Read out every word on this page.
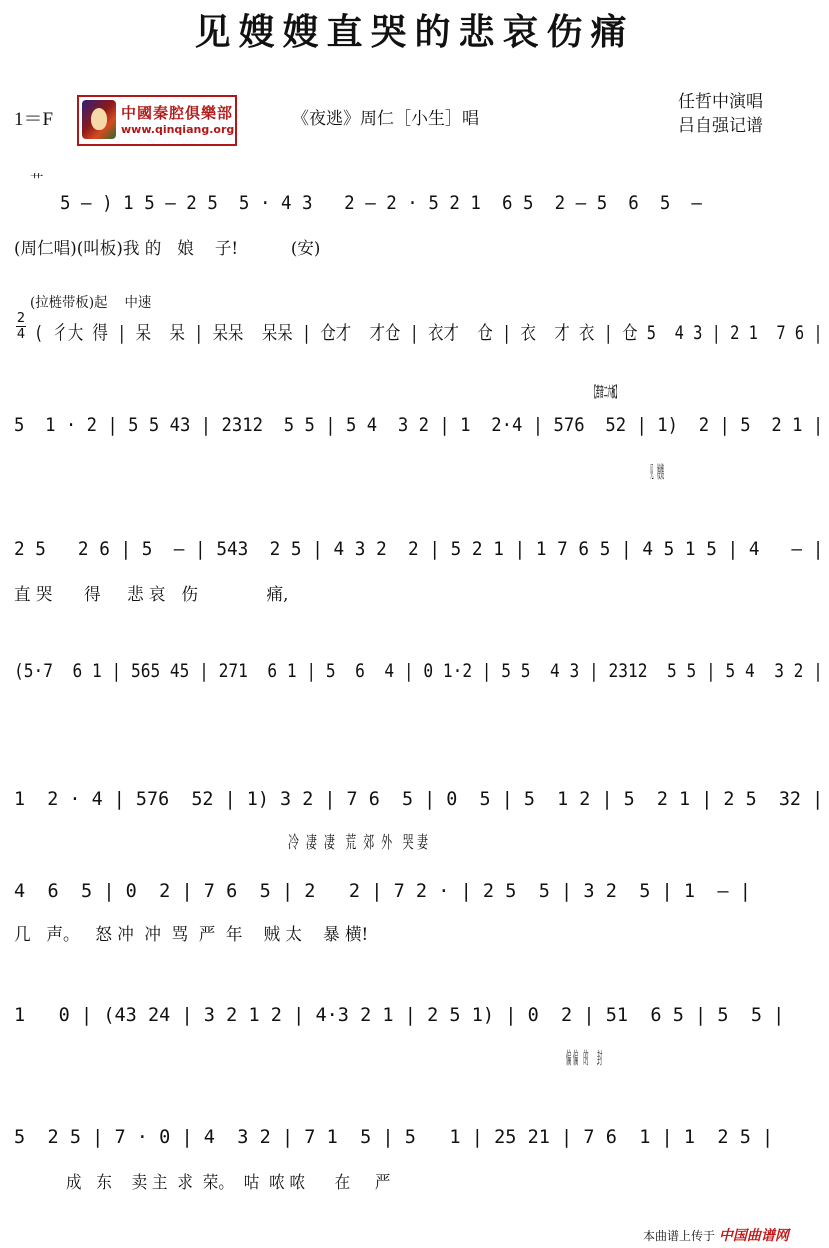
见嫂嫂直哭的悲哀伤痛
1＝F	中國秦腔俱樂部
www.qinqiang.org
《夜逃》周仁［小生］唱
任哲中演唱
吕自强记谱
艹
5 – ) 1 5 – 2 5  5 · 4 3   2 – 2 · 5 2 1  6 5  2 – 5  6  5  –
(周仁唱)(叫板)我 的   娘    子!          (安)
(拉梿带板)起    中速
2
4 ( 彳大 得 | 呆  呆 | 呆呆  呆呆 | 仓才  才仓 | 衣才  仓 | 衣  才 衣 | 仓 5  4 3 | 2 1  7 6 |
【苦音二六板】
5  1 · 2 | 5 5 43 | 2312  5 5 | 5 4  3 2 | 1  2·4 | 576  52 | 1)  2 | 5  2 1 |
见   嫂嫂
2 5   2 6 | 5  – | 543  2 5 | 4 3 2  2 | 5 2 1 | 1 7 6 5 | 4 5 1 5 | 4   – |
直 哭      得     悲 哀   伤             痛,
(5·7  6 1 | 565 45 | 271  6 1 | 5  6  4 | 0 1·2 | 5 5  4 3 | 2312  5 5 | 5 4  3 2 |
1  2 · 4 | 576  52 | 1) 3 2 | 7 6  5 | 0  5 | 5  1 2 | 5  2 1 | 2 5  32 |
冷  凄  凄   荒  郊  外   哭 妻
4  6  5 | 0  2 | 7 6  5 | 2   2 | 7 2 · | 2 5  5 | 3 2  5 | 1  – |
几   声。   怒 冲  冲  骂  严  年    贼 太    暴 横!
1   0 | (43 24 | 3 2 1 2 | 4·3 2 1 | 2 5 1) | 0  2 | 51  6 5 | 5  5 |
偏 偏   的     封
5  2 5 | 7 · 0 | 4  3 2 | 7 1  5 | 5   1 | 25 21 | 7 6  1 | 1  2 5 |
成   东    卖 主  求  荣。  咕  哝 哝      在     严
本曲谱上传于 中国曲谱网
